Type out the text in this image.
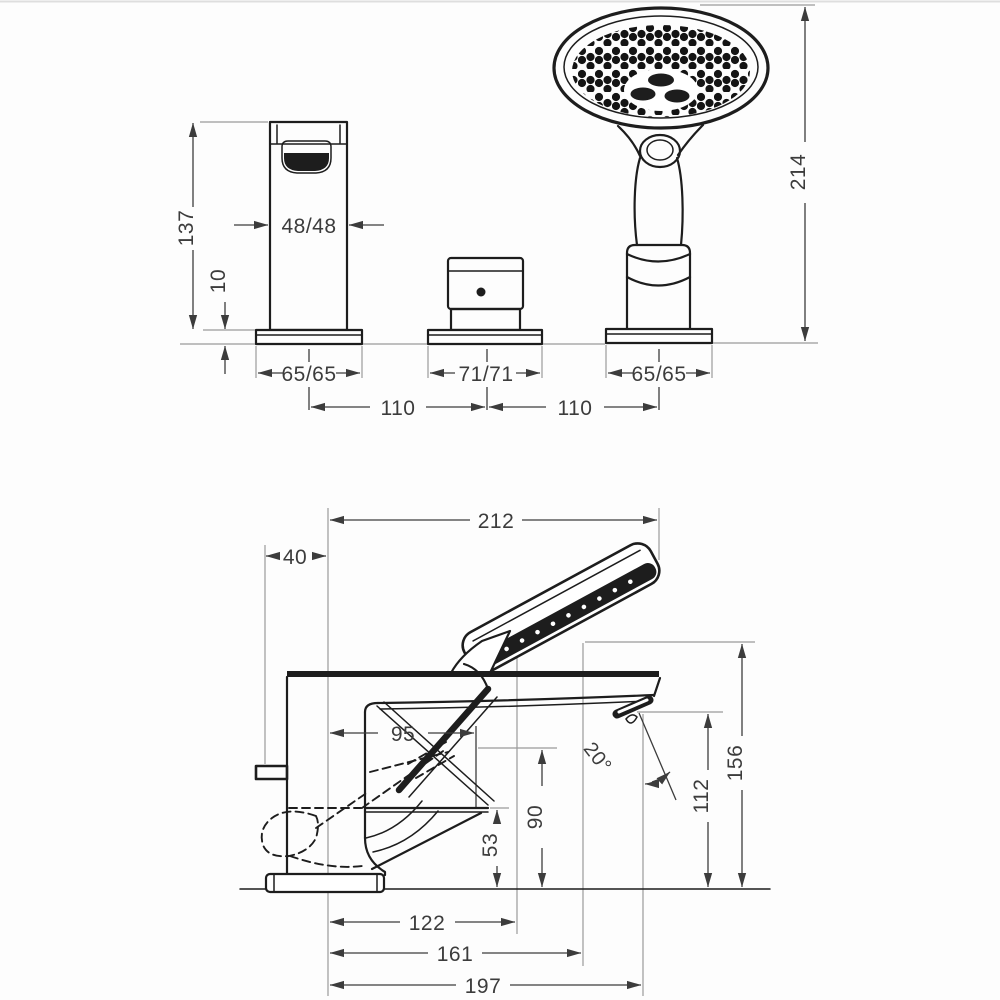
137
10
48/48
65/65	71/71	65/65
110	110
214
212
40
95
20°
90
53
112
156
122
161
197
